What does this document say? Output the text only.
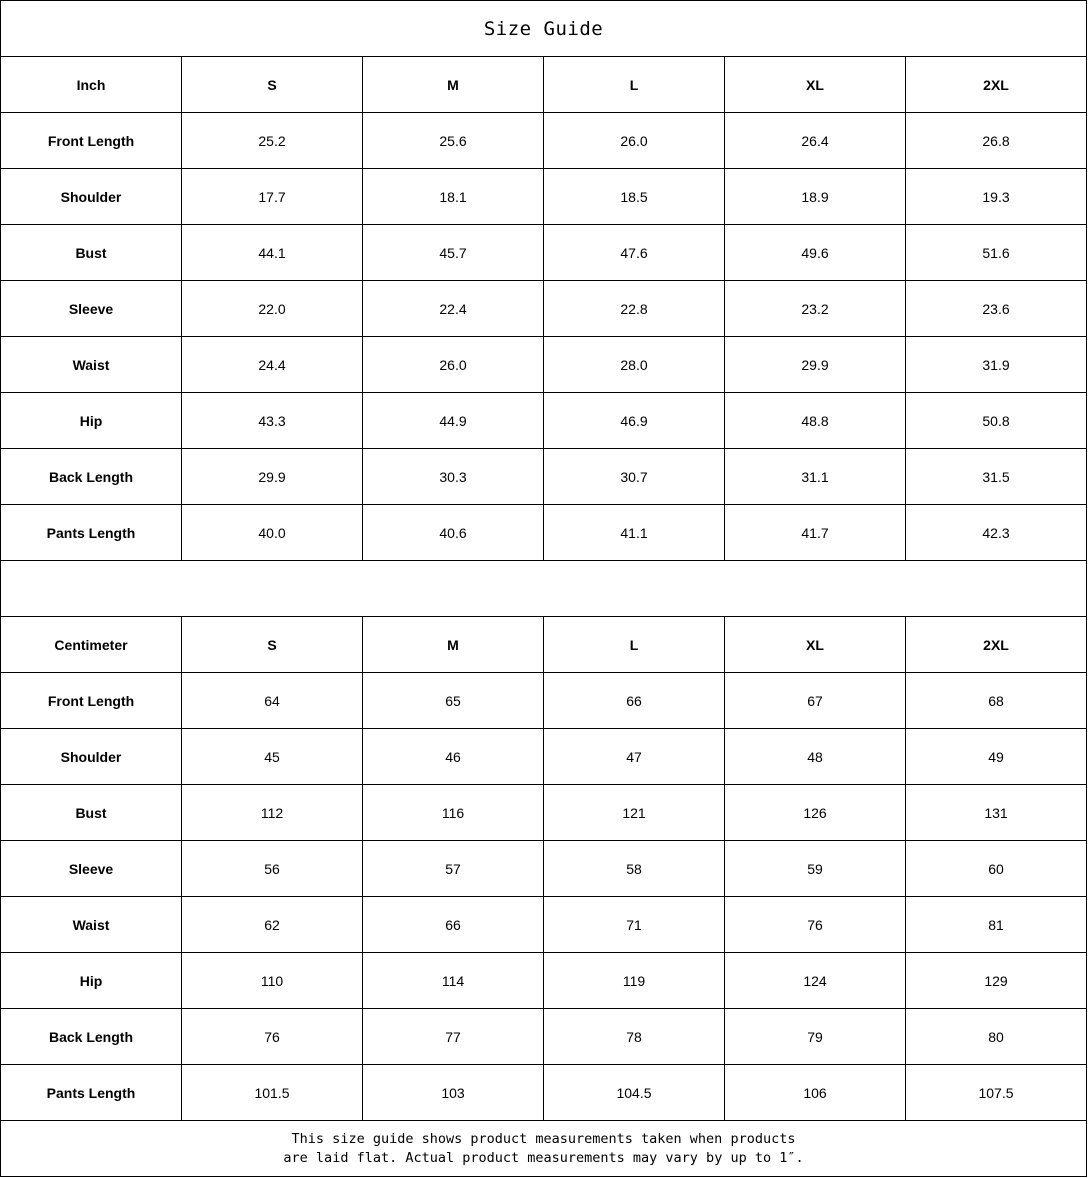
Size Guide					
Inch	S	M	L	XL	2XL
Front Length	25.2	25.6	26.0	26.4	26.8
Shoulder	17.7	18.1	18.5	18.9	19.3
Bust	44.1	45.7	47.6	49.6	51.6
Sleeve	22.0	22.4	22.8	23.2	23.6
Waist	24.4	26.0	28.0	29.9	31.9
Hip	43.3	44.9	46.9	48.8	50.8
Back Length	29.9	30.3	30.7	31.1	31.5
Pants Length	40.0	40.6	41.1	41.7	42.3

Centimeter	S	M	L	XL	2XL
Front Length	64	65	66	67	68
Shoulder	45	46	47	48	49
Bust	112	116	121	126	131
Sleeve	56	57	58	59	60
Waist	62	66	71	76	81
Hip	110	114	119	124	129
Back Length	76	77	78	79	80
Pants Length	101.5	103	104.5	106	107.5

This size guide shows product measurements taken when products
are laid flat. Actual product measurements may vary by up to 1″.					
